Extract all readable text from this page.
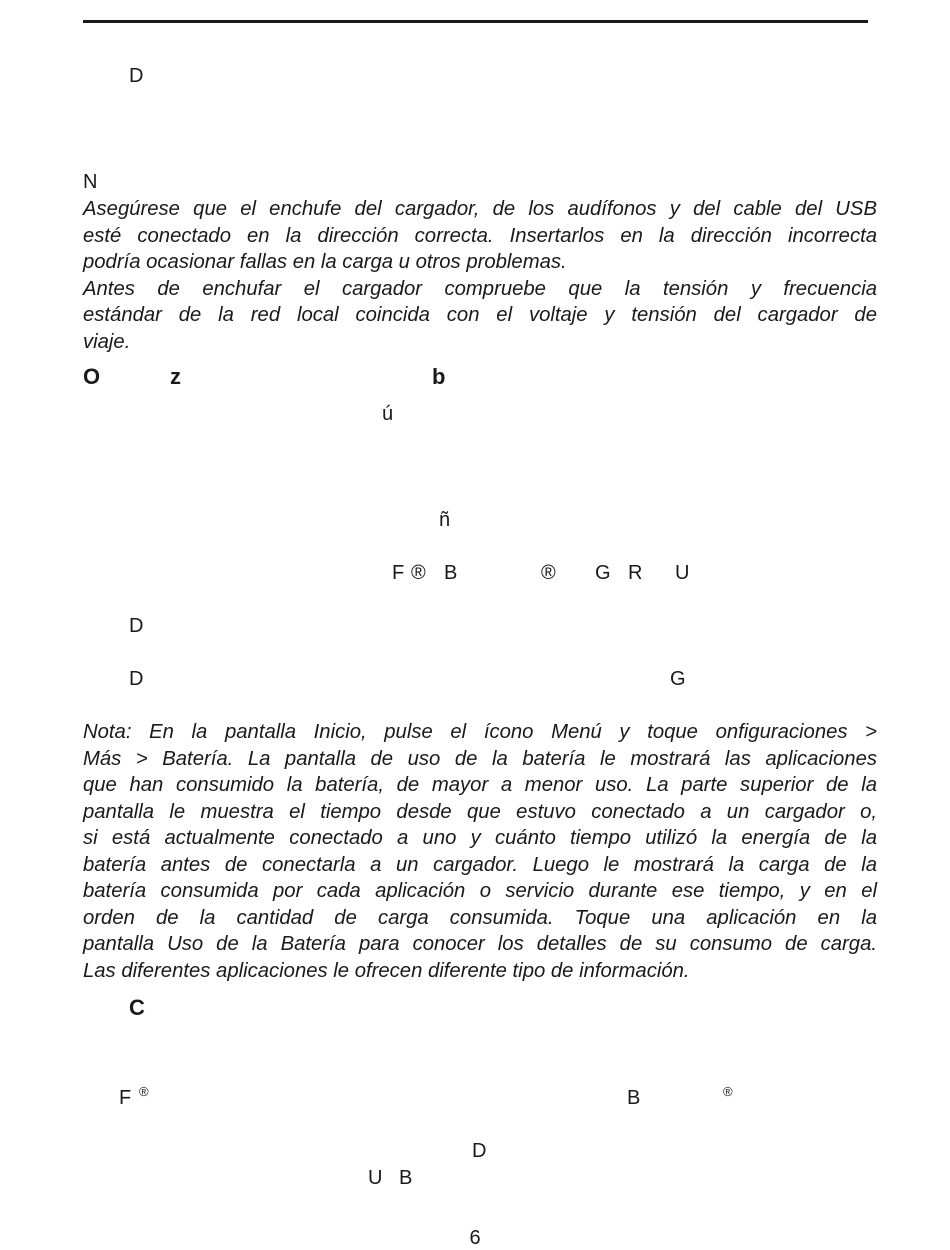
D
N

Asegúrese que el enchufe del cargador, de los audífonos y del cable del USB
esté conectado en la dirección correcta. Insertarlos en la dirección incorrecta
podría ocasionar fallas en la carga u otros problemas.
Antes de enchufar el cargador compruebe que la tensión y frecuencia
estándar de la red local coincida con el voltaje y tensión del cargador de
viaje.

O	z	b
ú
ñ
F ® B	® G R U
D
D	G

Nota: En la pantalla Inicio, pulse el ícono Menú y toque onfiguraciones >
Más > Batería. La pantalla de uso de la batería le mostrará las aplicaciones
que han consumido la batería, de mayor a menor uso. La parte superior de la
pantalla le muestra el tiempo desde que estuvo conectado a un cargador o,
si está actualmente conectado a uno y cuánto tiempo utilizó la energía de la
batería antes de conectarla a un cargador. Luego le mostrará la carga de la
batería consumida por cada aplicación o servicio durante ese tiempo, y en el
orden de la cantidad de carga consumida. Toque una aplicación en la
pantalla Uso de la Batería para conocer los detalles de su consumo de carga.
Las diferentes aplicaciones le ofrecen diferente tipo de información.

C
F ®	B	®
D
U B
6
